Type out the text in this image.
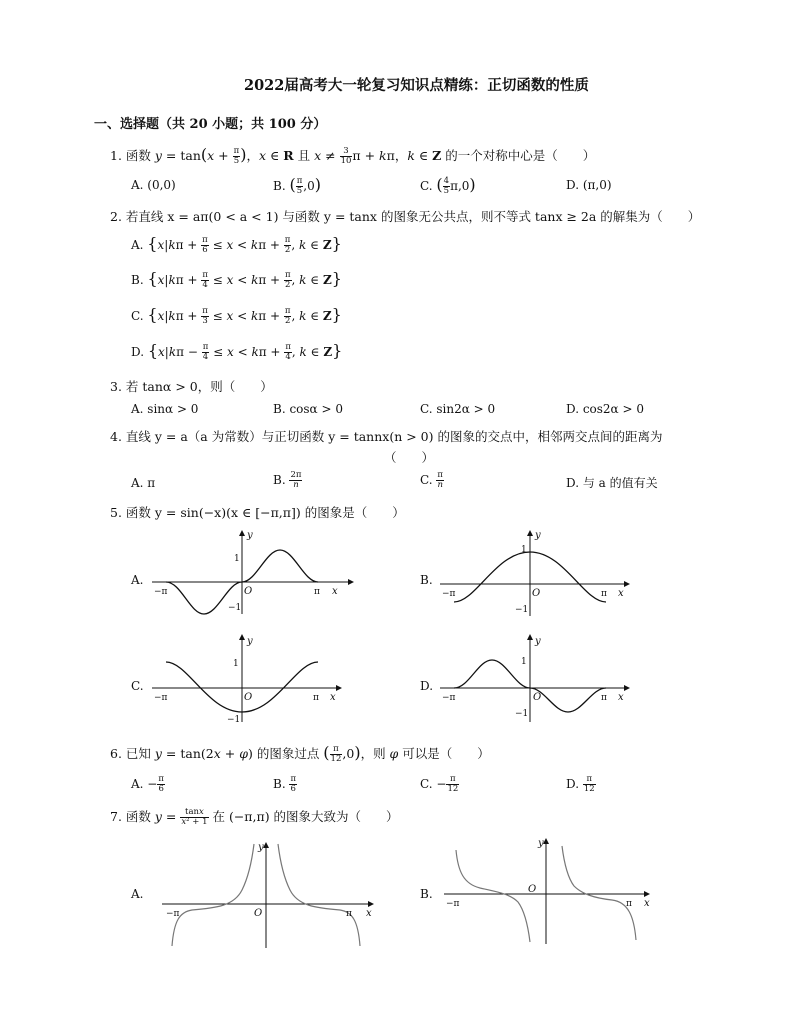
2022届高考大一轮复习知识点精练：正切函数的性质
一、选择题（共 20 小题；共 100 分）
1. 函数 $y = \tan(x + \frac{\pi}{5}$ )，x ∈ R 且 $x \ne \frac{3}{10}$ π + kπ，k ∈ Z 的一个对称中心是（　　）
A. (0,0)	B. ( $\frac{\pi}{5} ,0$)	C. ( $\frac{4}{5} \pi,0$)	D. (π,0)
2. 若直线 x = aπ(0 < a < 1) 与函数 y = tanx 的图象无公共点，则不等式 tanx ≥ 2a 的解集为（　　）
A. {$x|k\pi + \frac{\pi}{6} \le x < k\pi + \frac{\pi}{2}$ , k ∈ Z}
B. {$x|k\pi + \frac{\pi}{4} \le x < k\pi + \frac{\pi}{2}$ , k ∈ Z}
C. {$x|k\pi + \frac{\pi}{3} \le x < k\pi + \frac{\pi}{2}$ , k ∈ Z}
D. {$x|k\pi - \frac{\pi}{4} \le x < k\pi + \frac{\pi}{4}$ , k ∈ Z}
3. 若 tanα > 0，则（　　）
A. sinα > 0	B. cosα > 0	C. sin2α > 0	D. cos2α > 0
4. 直线 y = a（a 为常数）与正切函数 y = tannx(n > 0) 的图象的交点中，相邻两交点间的距离为
（　　）
A. π	B. $\frac{2\pi}{n}$	C. $\frac{\pi}{n}$	D. 与 a 的值有关
5. 函数 y = sin(−x)(x ∈ [−π,π]) 的图象是（　　）
A.	B.
C.	D.
y
x
O
1
−1
π
−π
y
x
O
1
−1
π
−π
y
x
O
1
−1
π
−π
y
x
O
1
−1
π
−π
6. 已知 y = tan(2x + φ) 的图象过点 ( $\frac{\pi}{12} ,0$)，则 φ 可以是（　　）
A. − $\frac{\pi}{6}$	B. $\frac{\pi}{6}$	C. − $\frac{\pi}{12}$	D. $\frac{\pi}{12}$
7. 函数 $y = \frac{\tan x}{\text{x² + 1}}$ 在 (−π,π) 的图象大致为（　　）
A.	B.
y
x
O	π
−π
y
x
O
π
−π
